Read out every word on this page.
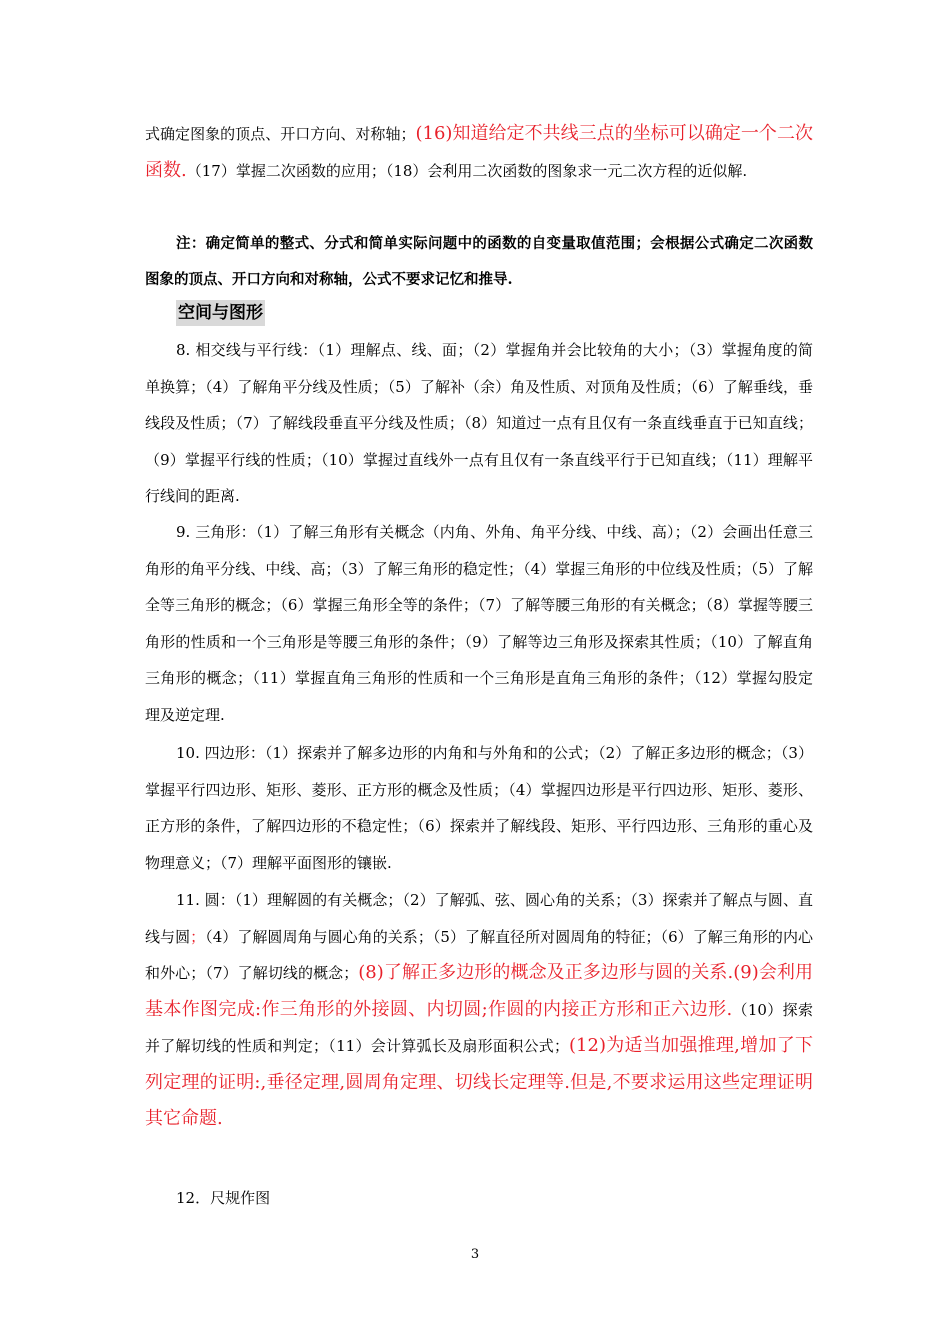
式确定图象的顶点、开口方向、对称轴；(16)知道给定不共线三点的坐标可以确定一个二次函数.（17）掌握二次函数的应用；（18）会利用二次函数的图象求一元二次方程的近似解.

注：确定简单的整式、分式和简单实际问题中的函数的自变量取值范围；会根据公式确定二次函数图象的顶点、开口方向和对称轴，公式不要求记忆和推导.

空间与图形

8. 相交线与平行线：（1）理解点、线、面；（2）掌握角并会比较角的大小；（3）掌握角度的简单换算；（4）了解角平分线及性质；（5）了解补（余）角及性质、对顶角及性质；（6）了解垂线，垂线段及性质；（7）了解线段垂直平分线及性质；（8）知道过一点有且仅有一条直线垂直于已知直线；（9）掌握平行线的性质；（10）掌握过直线外一点有且仅有一条直线平行于已知直线；（11）理解平行线间的距离.

9. 三角形：（1）了解三角形有关概念（内角、外角、角平分线、中线、高）；（2）会画出任意三角形的角平分线、中线、高；（3）了解三角形的稳定性；（4）掌握三角形的中位线及性质；（5）了解全等三角形的概念；（6）掌握三角形全等的条件；（7）了解等腰三角形的有关概念；（8）掌握等腰三角形的性质和一个三角形是等腰三角形的条件；（9）了解等边三角形及探索其性质；（10）了解直角三角形的概念；（11）掌握直角三角形的性质和一个三角形是直角三角形的条件；（12）掌握勾股定理及逆定理.

10. 四边形：（1）探索并了解多边形的内角和与外角和的公式；（2）了解正多边形的概念；（3）掌握平行四边形、矩形、菱形、正方形的概念及性质；（4）掌握四边形是平行四边形、矩形、菱形、正方形的条件，了解四边形的不稳定性；（6）探索并了解线段、矩形、平行四边形、三角形的重心及物理意义；（7）理解平面图形的镶嵌.

11. 圆：（1）理解圆的有关概念；（2）了解弧、弦、圆心角的关系；（3）探索并了解点与圆、直线与圆；（4）了解圆周角与圆心角的关系；（5）了解直径所对圆周角的特征；（6）了解三角形的内心和外心；（7）了解切线的概念；(8)了解正多边形的概念及正多边形与圆的关系.(9)会利用基本作图完成:作三角形的外接圆、内切圆;作圆的内接正方形和正六边形.（10）探索并了解切线的性质和判定；（11）会计算弧长及扇形面积公式；(12)为适当加强推理,增加了下列定理的证明:,垂径定理,圆周角定理、切线长定理等.但是,不要求运用这些定理证明其它命题.

12．尺规作图
3
